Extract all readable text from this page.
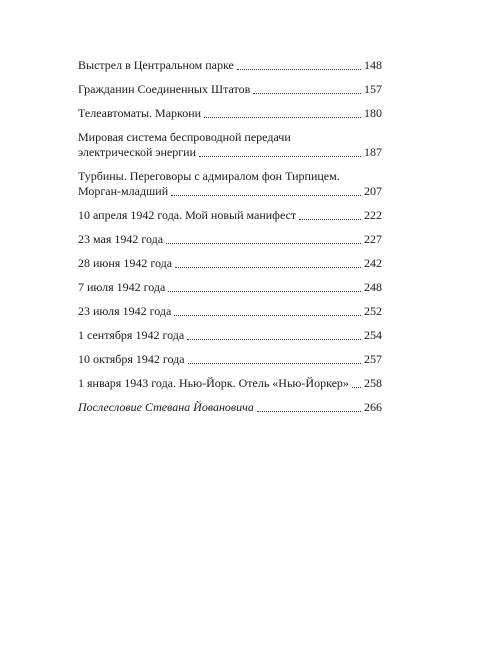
Выстрел в Центральном парке	148
Гражданин Соединенных Штатов	157
Телеавтоматы. Маркони	180
Мировая система беспроводной передачи
электрической энергии	187
Турбины. Переговоры с адмиралом фон Тирпицем.
Морган-младший	207
10 апреля 1942 года. Мой новый манифест	222
23 мая 1942 года	227
28 июня 1942 года	242
7 июля 1942 года	248
23 июля 1942 года	252
1 сентября 1942 года	254
10 октября 1942 года	257
1 января 1943 года. Нью-Йорк. Отель «Нью-Йоркер» 258
Послесловие Стевана Йовановича	266
